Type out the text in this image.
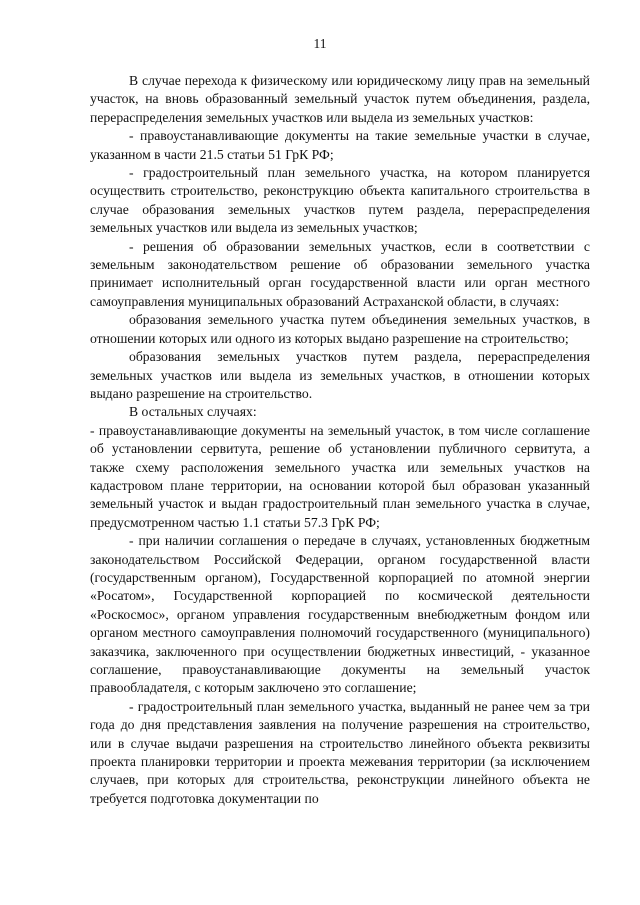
11

В случае перехода к физическому или юридическому лицу прав на земельный участок, на вновь образованный земельный участок путем объединения, раздела, перераспределения земельных участков или выдела из земельных участков:

- правоустанавливающие документы на такие земельные участки в случае, указанном в части 21.5 статьи 51 ГрК РФ;

- градостроительный план земельного участка, на котором планируется осуществить строительство, реконструкцию объекта капитального строительства в случае образования земельных участков путем раздела, перераспределения земельных участков или выдела из земельных участков;

- решения об образовании земельных участков, если в соответствии с земельным законодательством решение об образовании земельного участка принимает исполнительный орган государственной власти или орган местного самоуправления муниципальных образований Астраханской области, в случаях:

образования земельного участка путем объединения земельных участков, в отношении которых или одного из которых выдано разрешение на строительство;

образования земельных участков путем раздела, перераспределения земельных участков или выдела из земельных участков, в отношении которых выдано разрешение на строительство.

В остальных случаях:

- правоустанавливающие документы на земельный участок, в том числе соглашение об установлении сервитута, решение об установлении публичного сервитута, а также схему расположения земельного участка или земельных участков на кадастровом плане территории, на основании которой был образован указанный земельный участок и выдан градостроительный план земельного участка в случае, предусмотренном частью 1.1 статьи 57.3 ГрК РФ;

- при наличии соглашения о передаче в случаях, установленных бюджетным законодательством Российской Федерации, органом государственной власти (государственным органом), Государственной корпорацией по атомной энергии «Росатом», Государственной корпорацией по космической деятельности «Роскосмос», органом управления государственным внебюджетным фондом или органом местного самоуправления полномочий государственного (муниципального) заказчика, заключенного при осуществлении бюджетных инвестиций, - указанное соглашение, правоустанавливающие документы на земельный участок правообладателя, с которым заключено это соглашение;

- градостроительный план земельного участка, выданный не ранее чем за три года до дня представления заявления на получение разрешения на строительство, или в случае выдачи разрешения на строительство линейного объекта реквизиты проекта планировки территории и проекта межевания территории (за исключением случаев, при которых для строительства, реконструкции линейного объекта не требуется подготовка документации по
